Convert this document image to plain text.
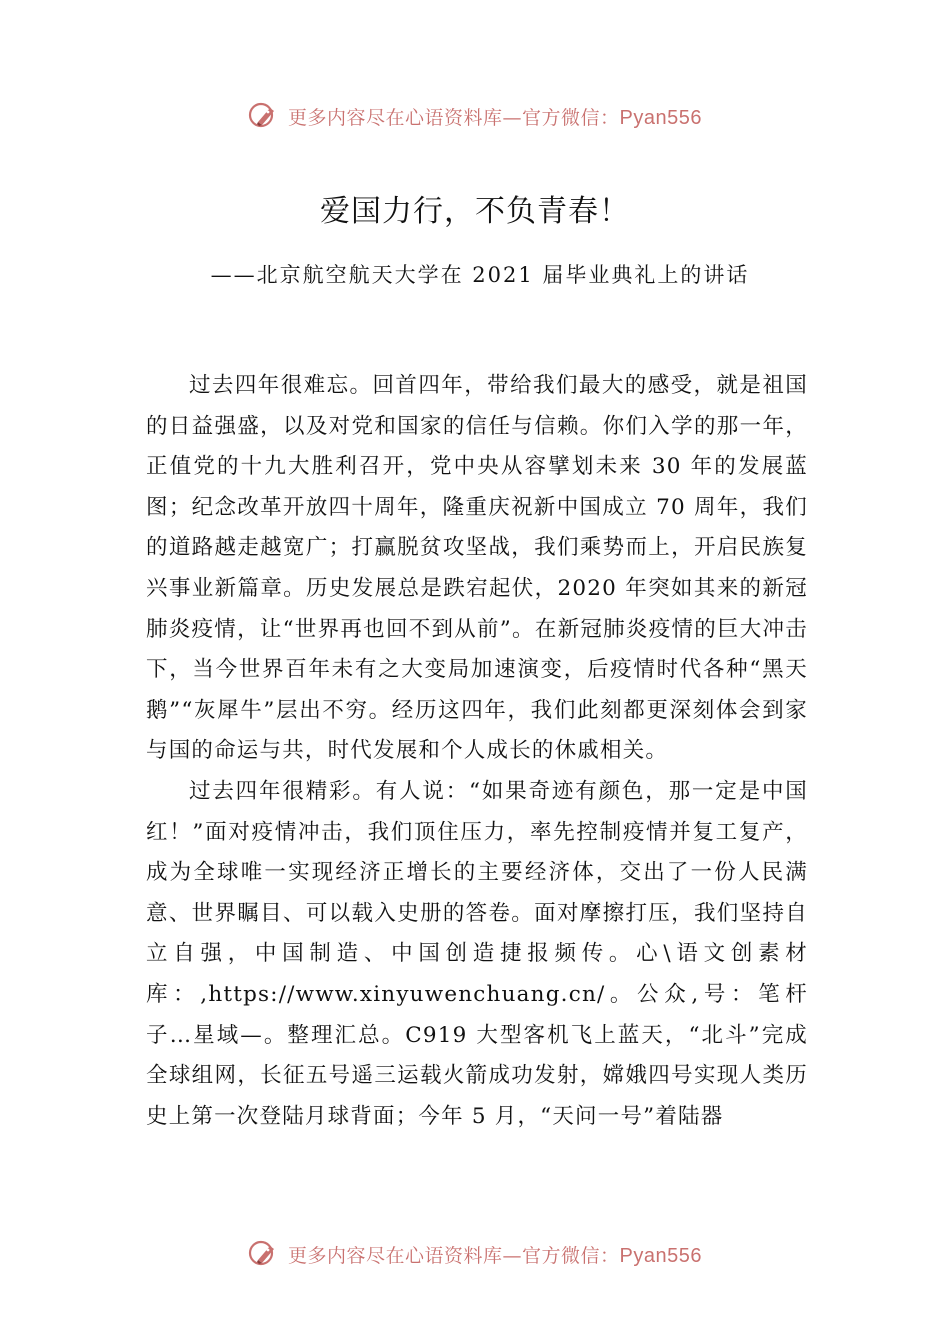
更多内容尽在心语资料库—官方微信：Pyan556
爱国力行，不负青春！
——北京航空航天大学在 2021 届毕业典礼上的讲话

过去四年很难忘。回首四年，带给我们最大的感受，就是祖国的日益强盛，以及对党和国家的信任与信赖。你们入学的那一年，正值党的十九大胜利召开，党中央从容擘划未来 30 年的发展蓝图；纪念改革开放四十周年，隆重庆祝新中国成立 70 周年，我们的道路越走越宽广；打赢脱贫攻坚战，我们乘势而上，开启民族复兴事业新篇章。历史发展总是跌宕起伏，2020 年突如其来的新冠肺炎疫情，让“世界再也回不到从前”。在新冠肺炎疫情的巨大冲击下，当今世界百年未有之大变局加速演变，后疫情时代各种“黑天鹅”“灰犀牛”层出不穷。经历这四年，我们此刻都更深刻体会到家与国的命运与共，时代发展和个人成长的休戚相关。

过去四年很精彩。有人说：“如果奇迹有颜色，那一定是中国红！”面对疫情冲击，我们顶住压力，率先控制疫情并复工复产，成为全球唯一实现经济正增长的主要经济体，交出了一份人民满意、世界瞩目、可以载入史册的答卷。面对摩擦打压，我们坚持自立自强，中国制造、中国创造捷报频传。心\语文创素材库：,https://www.xinyuwenchuang.cn/。公众,号：笔杆子…星域—。整理汇总。C919 大型客机飞上蓝天，“北斗”完成全球组网，长征五号遥三运载火箭成功发射，嫦娥四号实现人类历史上第一次登陆月球背面；今年 5 月，“天问一号”着陆器

更多内容尽在心语资料库—官方微信：Pyan556
